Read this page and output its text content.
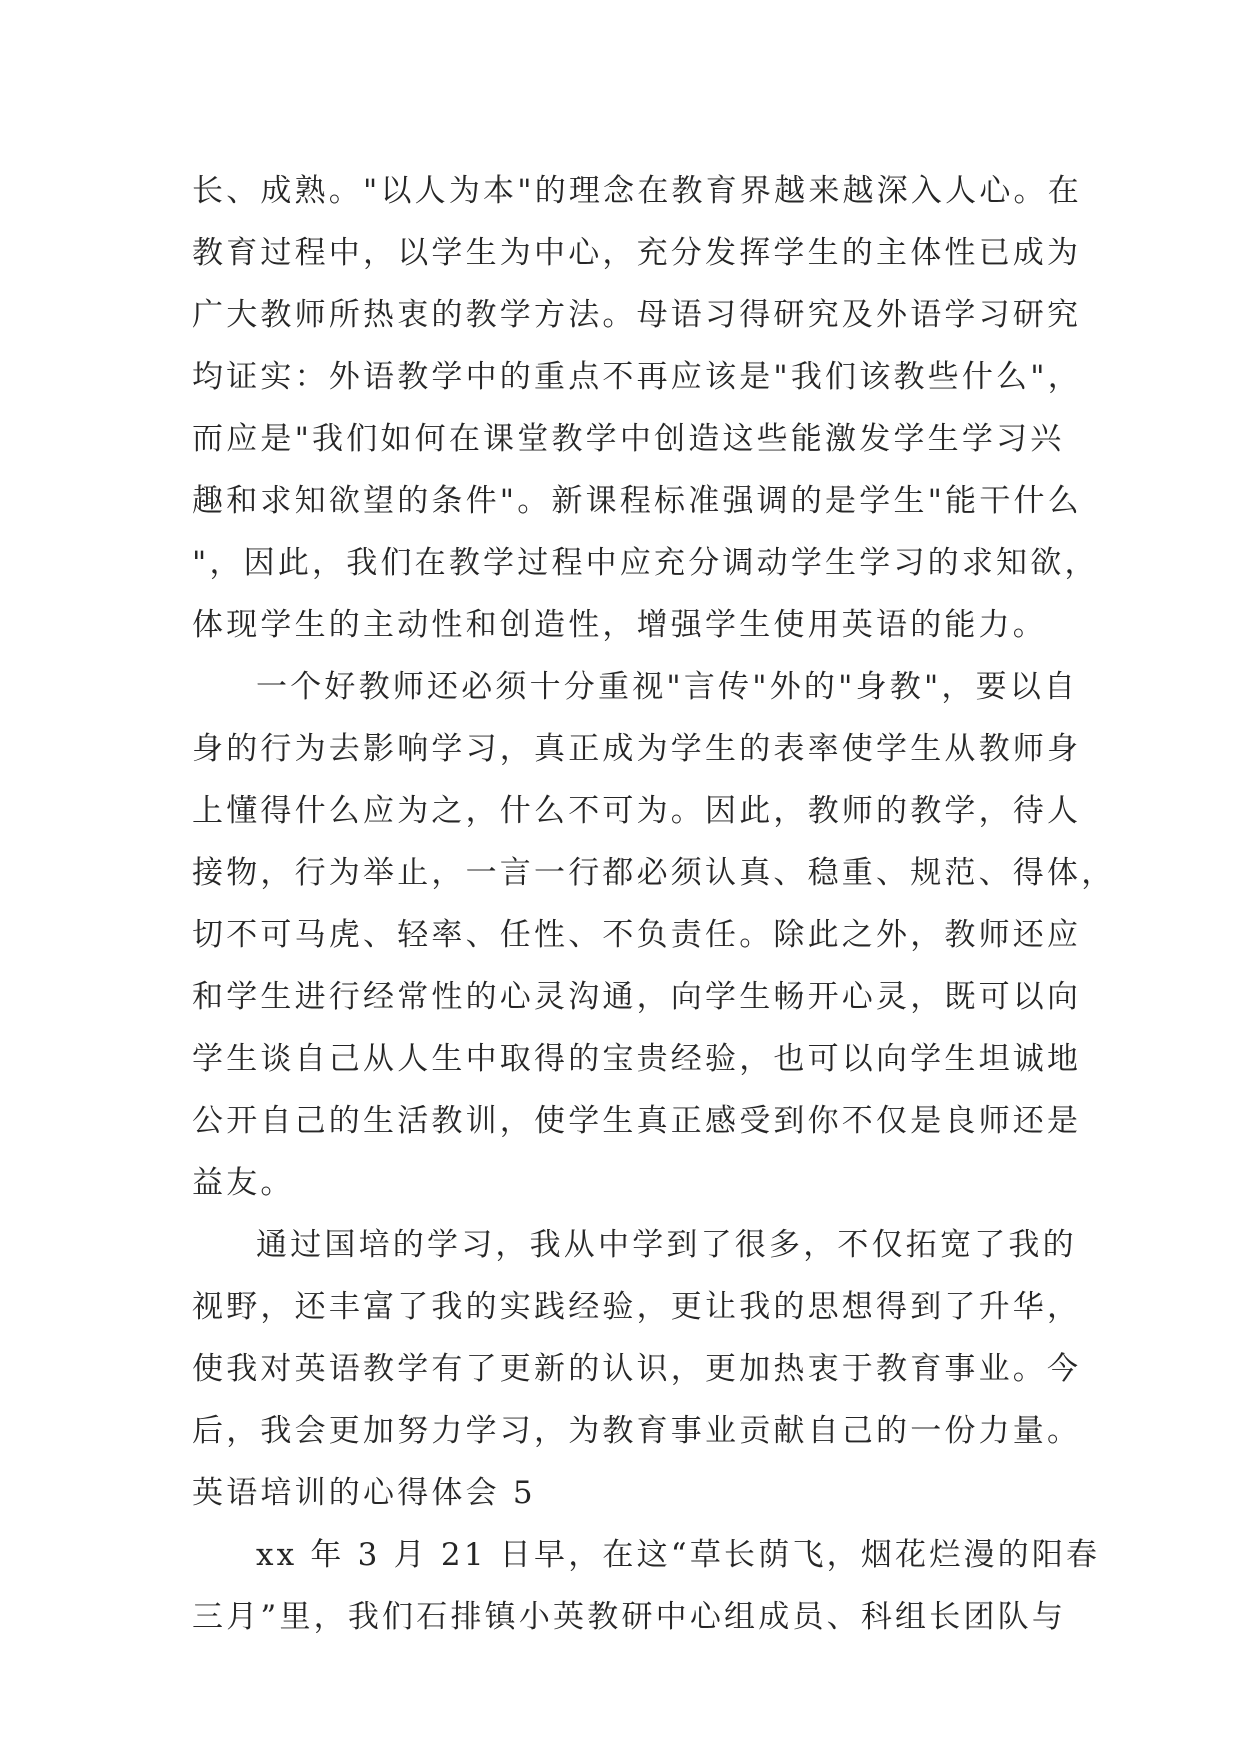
长、成熟。"以人为本"的理念在教育界越来越深入人心。在
教育过程中，以学生为中心，充分发挥学生的主体性已成为
广大教师所热衷的教学方法。母语习得研究及外语学习研究
均证实：外语教学中的重点不再应该是"我们该教些什么"，
而应是"我们如何在课堂教学中创造这些能激发学生学习兴
趣和求知欲望的条件"。新课程标准强调的是学生"能干什么
"，因此，我们在教学过程中应充分调动学生学习的求知欲，
体现学生的主动性和创造性，增强学生使用英语的能力。
一个好教师还必须十分重视"言传"外的"身教"，要以自
身的行为去影响学习，真正成为学生的表率使学生从教师身
上懂得什么应为之，什么不可为。因此，教师的教学，待人
接物，行为举止，一言一行都必须认真、稳重、规范、得体，
切不可马虎、轻率、任性、不负责任。除此之外，教师还应
和学生进行经常性的心灵沟通，向学生畅开心灵，既可以向
学生谈自己从人生中取得的宝贵经验，也可以向学生坦诚地
公开自己的生活教训，使学生真正感受到你不仅是良师还是
益友。
通过国培的学习，我从中学到了很多，不仅拓宽了我的
视野，还丰富了我的实践经验，更让我的思想得到了升华，
使我对英语教学有了更新的认识，更加热衷于教育事业。今
后，我会更加努力学习，为教育事业贡献自己的一份力量。
英语培训的心得体会 5
xx 年 3 月 21 日早，在这“草长荫飞，烟花烂漫的阳春
三月”里，我们石排镇小英教研中心组成员、科组长团队与
